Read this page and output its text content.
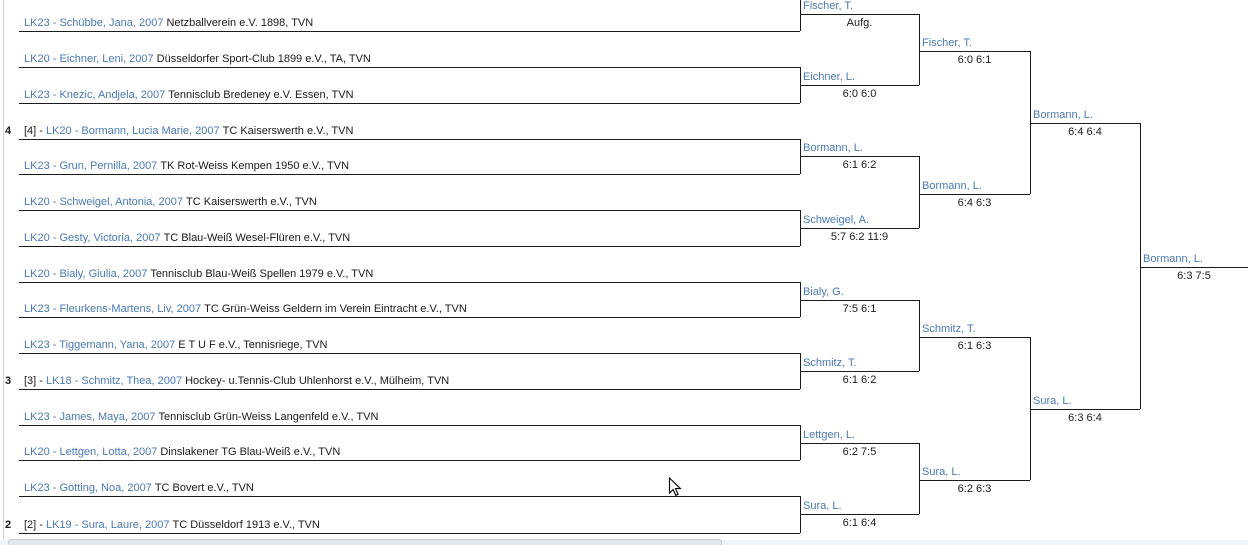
LK23 - Schübbe, Jana, 2007 Netzballverein e.V. 1898, TVN
LK20 - Eichner, Leni, 2007 Düsseldorfer Sport-Club 1899 e.V., TA, TVN
LK23 - Knezic, Andjela, 2007 Tennisclub Bredeney e.V. Essen, TVN
4 [4] - LK20 - Bormann, Lucia Marie, 2007 TC Kaiserswerth e.V., TVN
LK23 - Grun, Pernilla, 2007 TK Rot-Weiss Kempen 1950 e.V., TVN
LK20 - Schweigel, Antonia, 2007 TC Kaiserswerth e.V., TVN
LK20 - Gesty, Victoria, 2007 TC Blau-Weiß Wesel-Flüren e.V., TVN
LK20 - Bialy, Giulia, 2007 Tennisclub Blau-Weiß Spellen 1979 e.V., TVN
LK23 - Fleurkens-Martens, Liv, 2007 TC Grün-Weiss Geldern im Verein Eintracht e.V., TVN
LK23 - Tiggemann, Yana, 2007 E T U F e.V., Tennisriege, TVN
3 [3] - LK18 - Schmitz, Thea, 2007 Hockey- u.Tennis-Club Uhlenhorst e.V., Mülheim, TVN
LK23 - James, Maya, 2007 Tennisclub Grün-Weiss Langenfeld e.V., TVN
LK20 - Lettgen, Lotta, 2007 Dinslakener TG Blau-Weiß e.V., TVN
LK23 - Götting, Noa, 2007 TC Bovert e.V., TVN
2 [2] - LK19 - Sura, Laure, 2007 TC Düsseldorf 1913 e.V., TVN
Fischer, T.
Aufg.
Eichner, L.
6:0 6:0
Bormann, L.
6:1 6:2
Schweigel, A.
5:7 6:2 11:9
Bialy, G.
7:5 6:1
Schmitz, T.
6:1 6:2
Lettgen, L.
6:2 7:5
Sura, L.
6:1 6:4
Fischer, T.
6:0 6:1
Bormann, L.
6:4 6:3
Schmitz, T.
6:1 6:3
Sura, L.
6:2 6:3
Bormann, L.
6:4 6:4
Sura, L.
6:3 6:4
Bormann, L.
6:3 7:5
